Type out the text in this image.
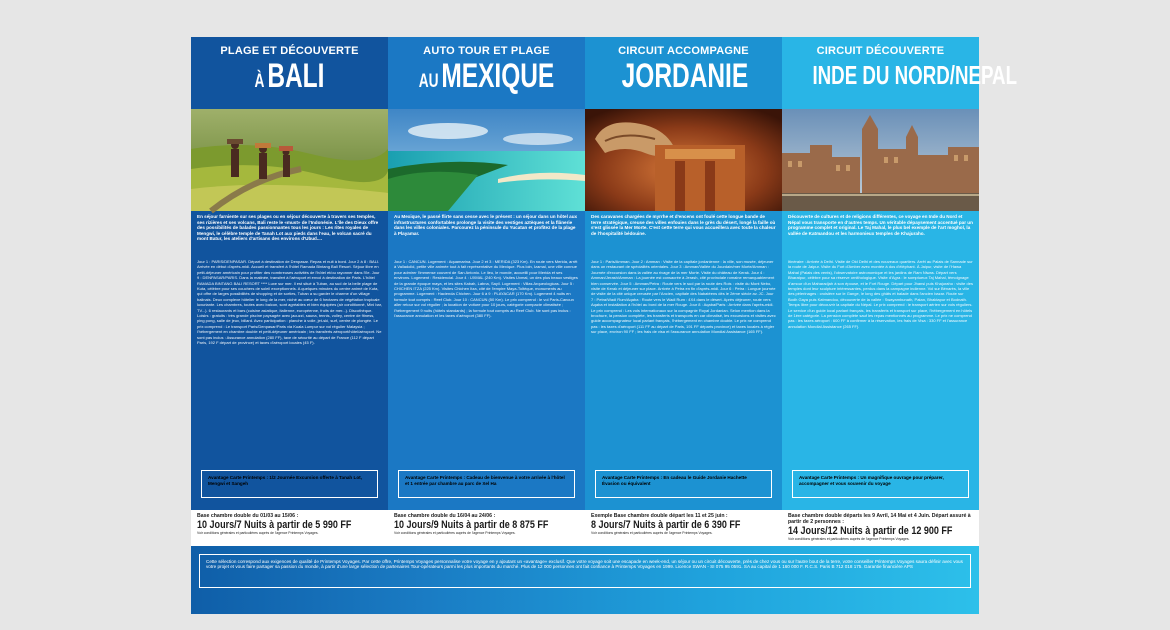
PLAGE ET DÉCOUVERTE
ÀBALI
En séjour farniente sur ses plages ou en séjour découverte à travers ses temples, ses rizières et ses volcans, Bali reste le «must» de l'Indonésie. L'île des Dieux offre des possibilités de balades passionnantes tous les jours : Les rites royales de Mengwi, le célèbre temple de Tanah Lot aux pieds dans l'eau, le volcan sacré du mont Batur, les ateliers d'artisans des environs d'Ubud....
Jour 1 : PARIS/DENPASAR. Départ à destination de Denpasar. Repas et nuit à bord. Jour 2 à 8 : BALI. Arrivée en début d'après-midi. Accueil et transfert à l'hôtel Ramada Bintang Bali Resort. Séjour libre en petit-déjeuner américain pour profiter des nombreuses activités de l'hôtel et/ou rayonner dans l'île. Jour 9 : DENPASAR/PARIS. Dans la matinée, transfert à l'aéroport et envol à destination de Paris. L'hôtel RAMADA BINTANG BALI RESORT **** Luxe sur mer. Il est situé à Tuban, au sud de la belle plage de Kuta, célèbre pour ses couchers de soleil exceptionnels. A quelques minutes du centre animé de Kuta, qui offre de larges possibilités de shopping et de sorties, Tuban a su garder le charme d'un village balinais. Deux complexe hôtelier le long de la mer, niché au cœur de 6 hectares de végétation tropicale luxuriante. Les chambres, toutes avec balcon, sont agréables et bien équipées (air conditionné, Mini bar, TV...). 6 restaurants et bars (cuisine asiatique, italienne, européenne, fruits de mer...). Discothèque. Loisirs : gratuits : très grande piscine paysagée avec jacuzzi, sauna, tennis, volley, centre de fitness, ping pong, salle de jeux, billard. Avec participation : planche à voile, jet-ski, surf, centre de plongée. Le prix comprend : Le transport Paris/Denpasar/Paris via Kuala Lumpur sur vol régulier Malaysia ; l'hébergement en chambre double et petit-déjeuner américain ; les transferts aéroport/hôtel/aéroport. Ne sont pas inclus : Assurance annulation (280 FF), taxe de sécurité au départ de France (112 F départ Paris, 192 F départ de province) et taxes d'aéroport locales (45 F).
AUTO TOUR ET PLAGE
AUMEXIQUE
Au Mexique, le passé flirte sans cesse avec le présent : un séjour dans un hôtel aux infrastructures confortables prolonge la visite des vestiges aztèques et la flânerie dans les villes coloniales. Parcourez la péninsule du Yucatan et profitez de la plage à Playamar.
Jour 1 : CANCUN. Logement : Aquamarina. Jour 2 et 3 : MERIDA (323 Km). En route vers Merida, arrêt à Valladolid, petite ville animée tout à fait représentative du Mexique. Plus loin, Izamal, une ville connue pour admirer l'immense couvent de San Antonio. Le lieu, le monde, accueilli pour Merida et ses environs. Logement : Residencial. Jour 4 : UXMAL (240 Km). Visites Uxmal, un des plus beaux vestiges de la grande époque maya, et les sites Kabah, Labna, Sayil. Logement : Villas Arqueologicas. Jour 5 : CHICHEN ITZA (225 Km). Visites Chichen Itza, cité de l'empire Maya-Toltèque, monuments au programme. Logement : Hacienda Chichen. Jour 6 à 9 : PLAYACAR (170 Km). Logement 4 nuits en formule tout compris : Reef Club. Jour 10 : CANCUN (50 Km). Le prix comprend : le vol Paris-Cancun aller retour sur vol régulier ; la location de voiture pour 10 jours, catégorie compacte climatisée ; l'hébergement 9 nuits (hôtels standards) ; la formule tout compris au Reef Club. Ne sont pas inclus : l'assurance annulation et les taxes d'aéroport (380 FF).
CIRCUIT ACCOMPAGNE
JORDANIE
Des caravanes chargées de myrrhe et d'encens ont foulé cette longue bande de terre stratégique, creuse des villes enfouies dans le grès du désert, longé la faille où s'est glissée la Mer Morte. C'est cette terre qui vous accueillera avec toute la chaleur de l'hospitalité bédouine.
Jour 1 : Paris/Amman. Jour 2 : Amman : Visite de la capitale jordanienne : la ville, son musée, déjeuner dans un restaurant de spécialités orientales. Jour 3 : Amman/Vallée du Jourdain/mer Morte/Amman : Journée d'excursion dans la vallée au rivage de la mer Morte. Visite du château de Kerak. Jour 4 : Amman/Jerash/Amman : La journée est consacrée à Jerash, cité provinciale romaine remarquablement bien conservée. Jour 5 : Amman/Petra : Route vers le sud par la route des Rois : visite du Mont Nebo, visite de Kerak et déjeuner sur place. Arrivée à Petra en fin d'après-midi. Jour 6 : Petra : Longue journée de visite de la cité unique creusée par l'Ancien, capitale des Nabatéens dès le 2ème siècle av. JC. Jour 7 : Petra/Wadi Rum/Aqaba : Route vers le Wadi Rum : 4X4 dans le désert. Après déjeuner, route vers Aqaba et installation à l'hôtel au bord de la mer Rouge. Jour 8 : Aqaba/Paris : Arrivée dans l'après-midi. Le prix comprend : Les vols internationaux sur la compagnie Royal Jordanian. Selon mention dans la brochure, la pension complète, les transferts et transports en car climatisé, les excursions et visites avec guide accompagnateur local parlant français, l'hébergement en chambre double. Le prix ne comprend pas : les taxes d'aéroport (111 FF au départ de Paris, 191 FF départs province) et taxes locales à régler sur place, environ 90 FF ; les frais de visa et l'assurance annulation Mondial Assistance (165 FF).
CIRCUIT DÉCOUVERTE
INDE DU NORD/NEPAL
Découverte de cultures et de religions différentes, ce voyage en Inde du Nord et Népal vous transporte en d'autres temps. Un véritable dépaysement accentué par un programme complet et original. Le Taj Mahal, le plus bel exemple de l'art moghol, la vallée de Katmandou et les harmonieux temples de Khajuraho.
Itinéraire : Arrivée à Delhi. Visite de Old Delhi et des nouveaux quartiers. Arrêt au Palais de Sannade sur la route de Jaipur. Visite du Fort d'Amber avec montée à dos d'éléphant. À Jaipur, visite de l'Hawa Mahal (Palais des vents), l'observatoire astronomique et les jardins de Ram Niwas. Départ vers Bharatpur, célèbre pour sa réserve ornithologique. Visite d'Agra : le somptueux Taj Mahal, témoignage d'amour d'un Maharadjah à son épouse, et le Fort Rouge. Départ pour Jhansi puis Khajuraho : visite des temples dont leur sculpture intéressantes, perdus dans la campagne indienne. Vol sur Bénarès, la ville des pèlerinages : croisière sur le Gange, le long des ghâts et balade dans l'ancien bazar. Route sur Bodh Gaya puis Katmandou, découverte de la vallée : Swayambunath, Patan, Bhaktapur et Bodnath. Temps libre pour découvrir la capitale du Népal. Le prix comprend : le transport aérien sur vols réguliers. Le service d'un guide local parlant français, les transferts et transport sur place, l'hébergement en hôtels de 1ère catégorie. La pension complète sauf les repas mentionnés au programme. Le prix ne comprend pas : les taxes aéroport : 600 FF à confirmer à la réservation, les frais de Visa : 330 FF et l'assurance annulation Mondial Assistance (265 FF).
Avantage Carte Printemps : 1/2 Journée Excursion offerte à Tanah Lot, Mengwi et Sangeh
Avantage Carte Printemps : Cadeau de bienvenue à votre arrivée à l'hôtel et 1 entrée par chambre au parc de Xel Ha
Avantage Carte Printemps : En cadeau le Guide Jordanie Hachette Évasion ou équivalent
Avantage Carte Printemps : Un magnifique ouvrage pour préparer, accompagner et vous souvenir du voyage
Base chambre double du 01/03 au 15/06 :
10 Jours/7 Nuits à partir de 5 990 FF
Voir conditions générales et particulières auprès de l'agence Printemps Voyages.
Base chambre double du 16/04 au 24/06 :
10 Jours/9 Nuits à partir de 8 875 FF
Voir conditions générales et particulières auprès de l'agence Printemps Voyages.
Exemple Base chambre double départ les 11 et 25 juin :
8 Jours/7 Nuits à partir de 6 390 FF
Voir conditions générales et particulières auprès de l'agence Printemps Voyages.
Base chambre double départs les 9 Avril, 14 Mai et 4 Juin. Départ assuré à partir de 2 personnes :
14 Jours/12 Nuits à partir de 12 900 FF
Voir conditions générales et particulières auprès de l'agence Printemps Voyages.
Cette sélection correspond aux exigences de qualité de Printemps Voyages. Par cette offre, Printemps Voyages personnalise votre voyage en y ajoutant un «avantage» exclusif. Que votre voyage soit une escapade en week-end, un séjour ou un circuit découverte, près de chez vous ou sur l'autre bout de la terre, votre conseiller Printemps Voyages saura définir avec vous votre projet et vous faire partager sa passion du monde, à partir d'une large sélection de partenaires Tour-opérateurs parmi les plus importants du marché. Plus de 12 000 personnes ont fait confiance à Printemps Voyages en 1999. Licence SWAN - SI 075 95 0591. SA au capital de 1 160 000 F. R.C.S. Paris B 712 018 175. Garantie financière APS
